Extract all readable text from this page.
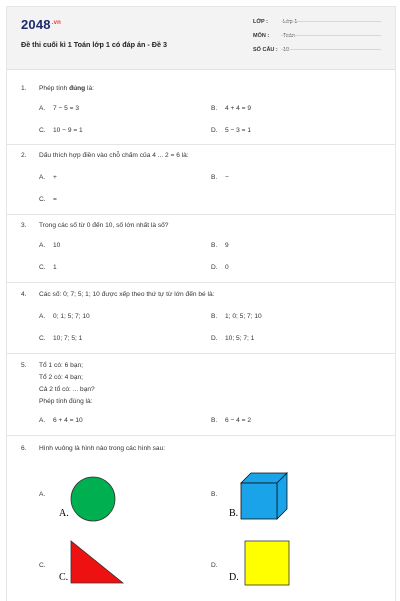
$2048^{.vn}$
Đề thi cuối kì 1 Toán lớp 1 có đáp án - Đề 3
LỚP :	Lớp 1
MÔN :	Toán
SỐ CÂU : 10
1. Phép tính đúng là:
A. 7 − 5 = 3	B. 4 + 4 = 9
C. 10 − 9 = 1	D. 5 − 3 = 1
2. Dấu thích hợp điền vào chỗ chấm của 4 ... 2 = 6 là:
A. +	B. −
C. =
3. Trong các số từ 0 đến 10, số lớn nhất là số?
A. 10	B. 9
C. 1	D. 0
4. Các số: 0; 7; 5; 1; 10 được xếp theo thứ tự từ lớn đến bé là:
A. 0; 1; 5; 7; 10	B. 1; 0; 5; 7; 10
C. 10; 7; 5; 1	D. 10; 5; 7; 1
5. Tổ 1 có: 6 bạn;
Tổ 2 có: 4 bạn;
Cả 2 tổ có: ... bạn?
Phép tính đúng là:
A. 6 + 4 = 10	B. 6 − 4 = 2
6. Hình vuông là hình nào trong các hình sau:
A.
A.
B.
B.
C.
C.
D.
D.
